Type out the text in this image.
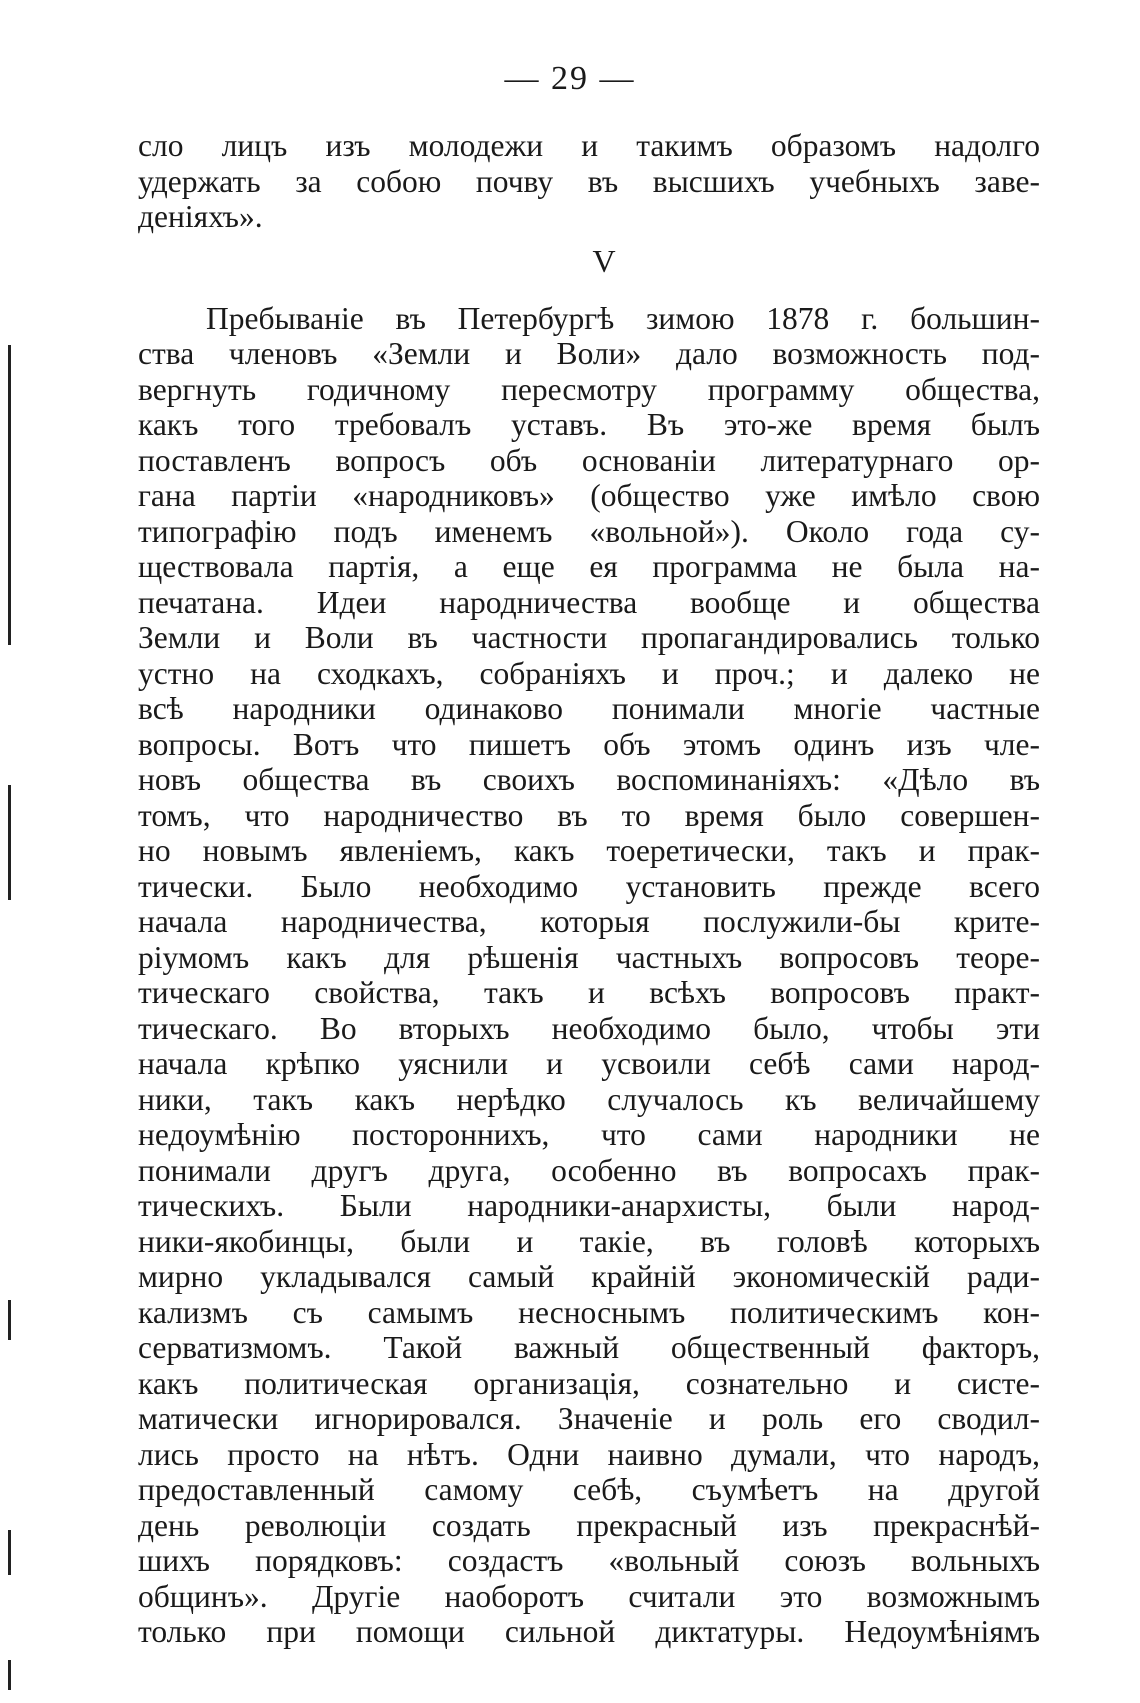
— 29 —
сло лицъ изъ молодежи и такимъ образомъ надолго
удержать за собою почву въ высшихъ учебныхъ заве-
деніяхъ».
V
Пребываніе въ Петербургѣ зимою 1878 г. большин-
ства членовъ «Земли и Воли» дало возможность под-
вергнуть годичному пересмотру программу общества,
какъ того требовалъ уставъ. Въ это-же время былъ
поставленъ вопросъ объ основаніи литературнаго ор-
гана партіи «народниковъ» (общество уже имѣло свою
типографію подъ именемъ «вольной»). Около года су-
ществовала партія, а еще ея программа не была на-
печатана. Идеи народничества вообще и общества
Земли и Воли въ частности пропагандировались только
устно на сходкахъ, собраніяхъ и проч.; и далеко не
всѣ народники одинаково понимали многіе частные
вопросы. Вотъ что пишетъ объ этомъ одинъ изъ чле-
новъ общества въ своихъ воспоминаніяхъ: «Дѣло въ
томъ, что народничество въ то время было совершен-
но новымъ явленіемъ, какъ тоеретически, такъ и прак-
тически. Было необходимо установить прежде всего
начала народничества, которыя послужили-бы крите-
ріумомъ какъ для рѣшенія частныхъ вопросовъ теоре-
тическаго свойства, такъ и всѣхъ вопросовъ практ-
тическаго. Во вторыхъ необходимо было, чтобы эти
начала крѣпко уяснили и усвоили себѣ сами народ-
ники, такъ какъ нерѣдко случалось къ величайшему
недоумѣнію постороннихъ, что сами народники не
понимали другъ друга, особенно въ вопросахъ прак-
тическихъ. Были народники-анархисты, были народ-
ники-якобинцы, были и такіе, въ головѣ которыхъ
мирно укладывался самый крайній экономическій ради-
кализмъ съ самымъ несноснымъ политическимъ кон-
серватизмомъ. Такой важный общественный факторъ,
какъ политическая организація, сознательно и систе-
матически игнорировался. Значеніе и роль его сводил-
лись просто на нѣтъ. Одни наивно думали, что народъ,
предоставленный самому себѣ, съумѣетъ на другой
день революціи создать прекрасный изъ прекраснѣй-
шихъ порядковъ: создастъ «вольный союзъ вольныхъ
общинъ». Другіе наоборотъ считали это возможнымъ
только при помощи сильной диктатуры. Недоумѣніямъ
